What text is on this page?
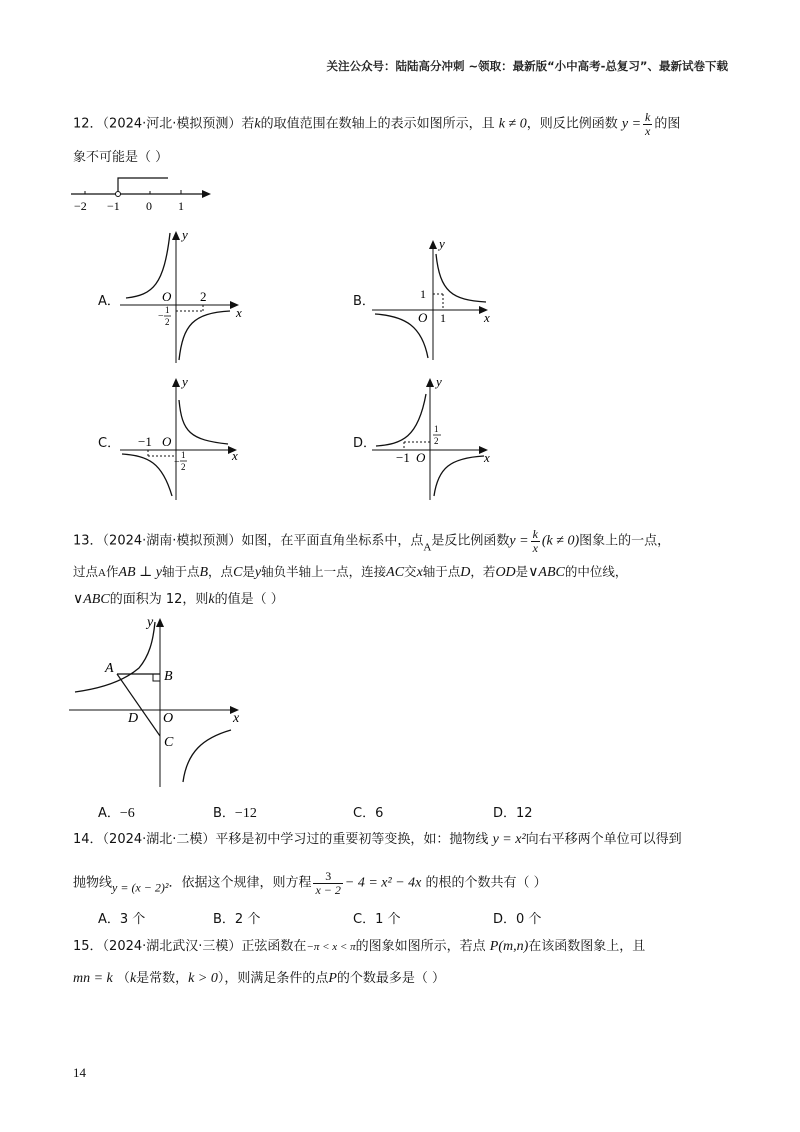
关注公众号：陆陆高分冲刺 ~领取：最新版“小中高考-总复习”、最新试卷下载
12．（2024·河北·模拟预测）若k的取值范围在数轴上的表示如图所示，且 k ≠ 0，则反比例函数 $y = \frac{k}{x}$ 的图
象不可能是（ ）
−2 −1 0 1
A．
x
y
O 2
−
1
2
B．
x
y
O
1
1
C．
x
y
O
−1
−
1
2
D．
x
y
O
−1
1
2
13．（2024·湖南·模拟预测）如图，在平面直角坐标系中，点$_A$是反比例函数$y = \frac{k}{x} (k \ne 0)$图象上的一点，
过点A作AB ⊥ y轴于点B，点C是y轴负半轴上一点，连接AC交x轴于点D，若OD是∨ABC的中位线，
∨ABC的面积为 12，则k的值是（ ）
A
B
C
D O	x
y
A．−6	B．−12	C．6	D．12
14．（2024·湖北·二模）平移是初中学习过的重要初等变换，如：抛物线 y = x²向右平移两个单位可以得到
抛物线y = (x − 2)²．依据这个规律，则方程 $\frac{3}{x - 2} - 4 = x^2 - 4x$ 的根的个数共有（ ）
A．3 个	B．2 个	C．1 个	D．0 个
15．（2024·湖北武汉·三模）正弦函数在−π < x < π的图象如图所示，若点 P(m,n)在该函数图象上，且
mn = k （k是常数，k > 0），则满足条件的点P的个数最多是（ ）
14
